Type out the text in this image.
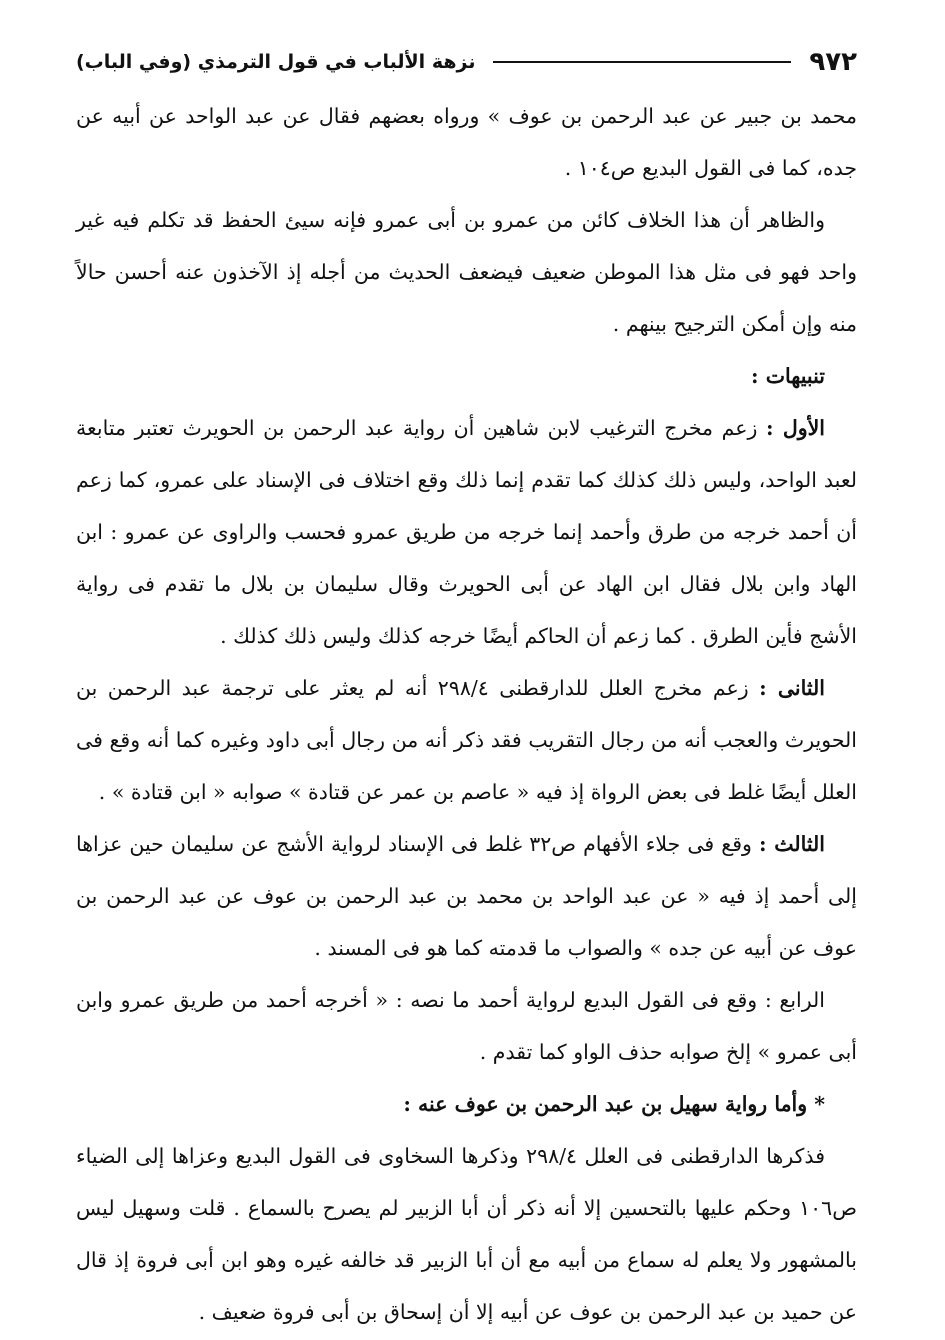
٩٧٢
نزهة الألباب في قول الترمذي (وفي الباب)

محمد بن جبير عن عبد الرحمن بن عوف » ورواه بعضهم فقال عن عبد الواحد عن أبيه عن جده، كما فى القول البديع ص١٠٤ .

والظاهر أن هذا الخلاف كائن من عمرو بن أبى عمرو فإنه سيئ الحفظ قد تكلم فيه غير واحد فهو فى مثل هذا الموطن ضعيف فيضعف الحديث من أجله إذ الآخذون عنه أحسن حالاً منه وإن أمكن الترجيح بينهم .

تنبيهات :

الأول : زعم مخرج الترغيب لابن شاهين أن رواية عبد الرحمن بن الحويرث تعتبر متابعة لعبد الواحد، وليس ذلك كذلك كما تقدم إنما ذلك وقع اختلاف فى الإسناد على عمرو، كما زعم أن أحمد خرجه من طرق وأحمد إنما خرجه من طريق عمرو فحسب والراوى عن عمرو : ابن الهاد وابن بلال فقال ابن الهاد عن أبى الحويرث وقال سليمان بن بلال ما تقدم فى رواية الأشج فأين الطرق . كما زعم أن الحاكم أيضًا خرجه كذلك وليس ذلك كذلك .

الثانى : زعم مخرج العلل للدارقطنى ٢٩٨/٤ أنه لم يعثر على ترجمة عبد الرحمن بن الحويرث والعجب أنه من رجال التقريب فقد ذكر أنه من رجال أبى داود وغيره كما أنه وقع فى العلل أيضًا غلط فى بعض الرواة إذ فيه « عاصم بن عمر عن قتادة » صوابه « ابن قتادة » .

الثالث : وقع فى جلاء الأفهام ص٣٢ غلط فى الإسناد لرواية الأشج عن سليمان حين عزاها إلى أحمد إذ فيه « عن عبد الواحد بن محمد بن عبد الرحمن بن عوف عن عبد الرحمن بن عوف عن أبيه عن جده » والصواب ما قدمته كما هو فى المسند .

الرابع : وقع فى القول البديع لرواية أحمد ما نصه : « أخرجه أحمد من طريق عمرو وابن أبى عمرو » إلخ صوابه حذف الواو كما تقدم .

* وأما رواية سهيل بن عبد الرحمن بن عوف عنه :

فذكرها الدارقطنى فى العلل ٢٩٨/٤ وذكرها السخاوى فى القول البديع وعزاها إلى الضياء ص١٠٦ وحكم عليها بالتحسين إلا أنه ذكر أن أبا الزبير لم يصرح بالسماع . قلت وسهيل ليس بالمشهور ولا يعلم له سماع من أبيه مع أن أبا الزبير قد خالفه غيره وهو ابن أبى فروة إذ قال عن حميد بن عبد الرحمن بن عوف عن أبيه إلا أن إسحاق بن أبى فروة ضعيف .
